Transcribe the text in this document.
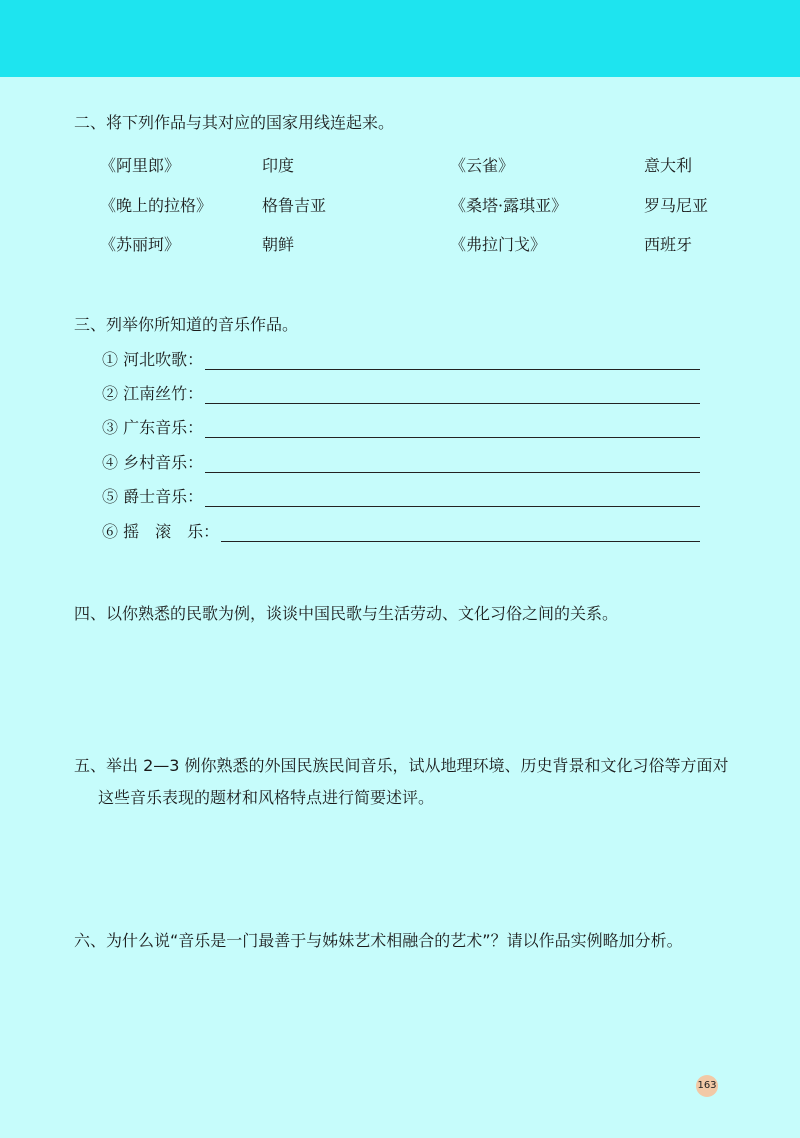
二、将下列作品与其对应的国家用线连起来。
《阿里郎》	印度	《云雀》	意大利
《晚上的拉格》	格鲁吉亚	《桑塔·露琪亚》	罗马尼亚
《苏丽珂》	朝鲜	《弗拉门戈》	西班牙
三、列举你所知道的音乐作品。
① 河北吹歌：
② 江南丝竹：
③ 广东音乐：
④ 乡村音乐：
⑤ 爵士音乐：
⑥ 摇　滚　乐：
四、以你熟悉的民歌为例，谈谈中国民歌与生活劳动、文化习俗之间的关系。
五、举出 2—3 例你熟悉的外国民族民间音乐，试从地理环境、历史背景和文化习俗等方面对
这些音乐表现的题材和风格特点进行简要述评。
六、为什么说“音乐是一门最善于与姊妹艺术相融合的艺术”？请以作品实例略加分析。
163
